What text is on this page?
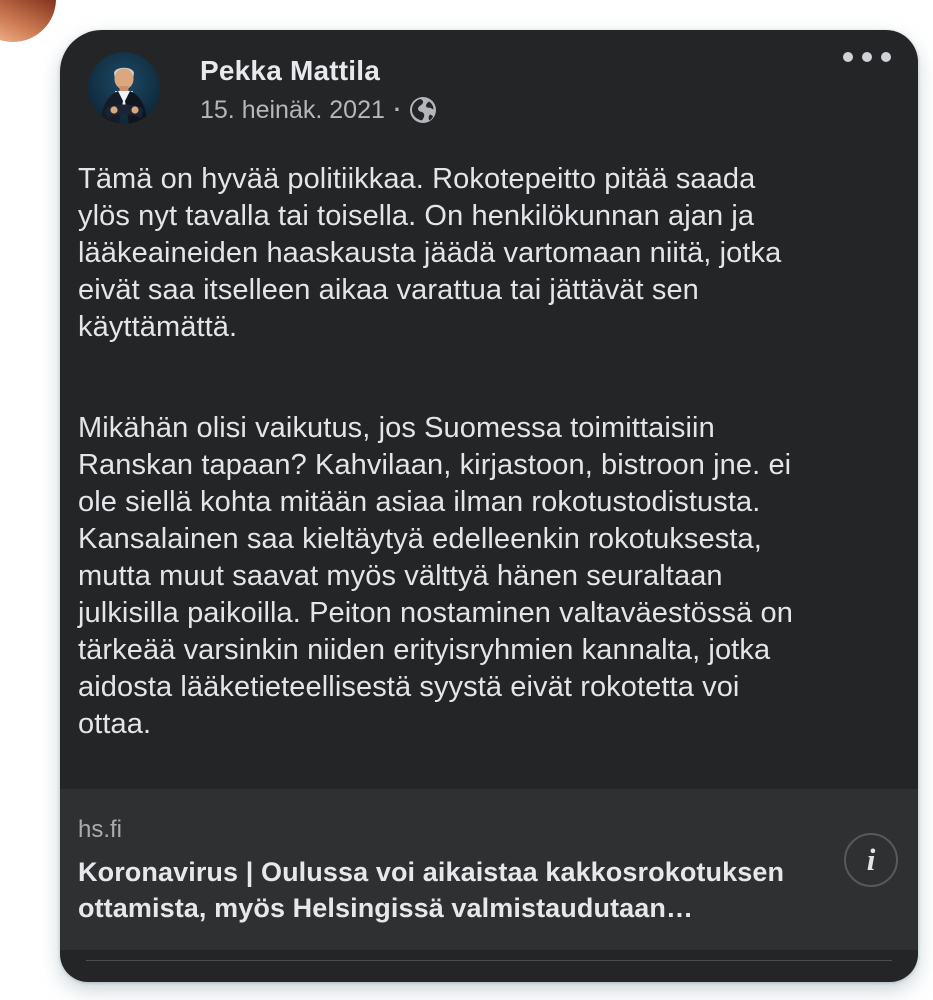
Pekka Mattila
15. heinäk. 2021 ·
Tämä on hyvää politiikkaa. Rokotepeitto pitää saada
ylös nyt tavalla tai toisella. On henkilökunnan ajan ja
lääkeaineiden haaskausta jäädä vartomaan niitä, jotka
eivät saa itselleen aikaa varattua tai jättävät sen
käyttämättä.
Mikähän olisi vaikutus, jos Suomessa toimittaisiin
Ranskan tapaan? Kahvilaan, kirjastoon, bistroon jne. ei
ole siellä kohta mitään asiaa ilman rokotustodistusta.
Kansalainen saa kieltäytyä edelleenkin rokotuksesta,
mutta muut saavat myös välttyä hänen seuraltaan
julkisilla paikoilla. Peiton nostaminen valtaväestössä on
tärkeää varsinkin niiden erityisryhmien kannalta, jotka
aidosta lääketieteellisestä syystä eivät rokotetta voi
ottaa.
hs.fi
Koronavirus | Oulussa voi aikaistaa kakkosrokotuksen
ottamista, myös Helsingissä valmistaudutaan…
i
